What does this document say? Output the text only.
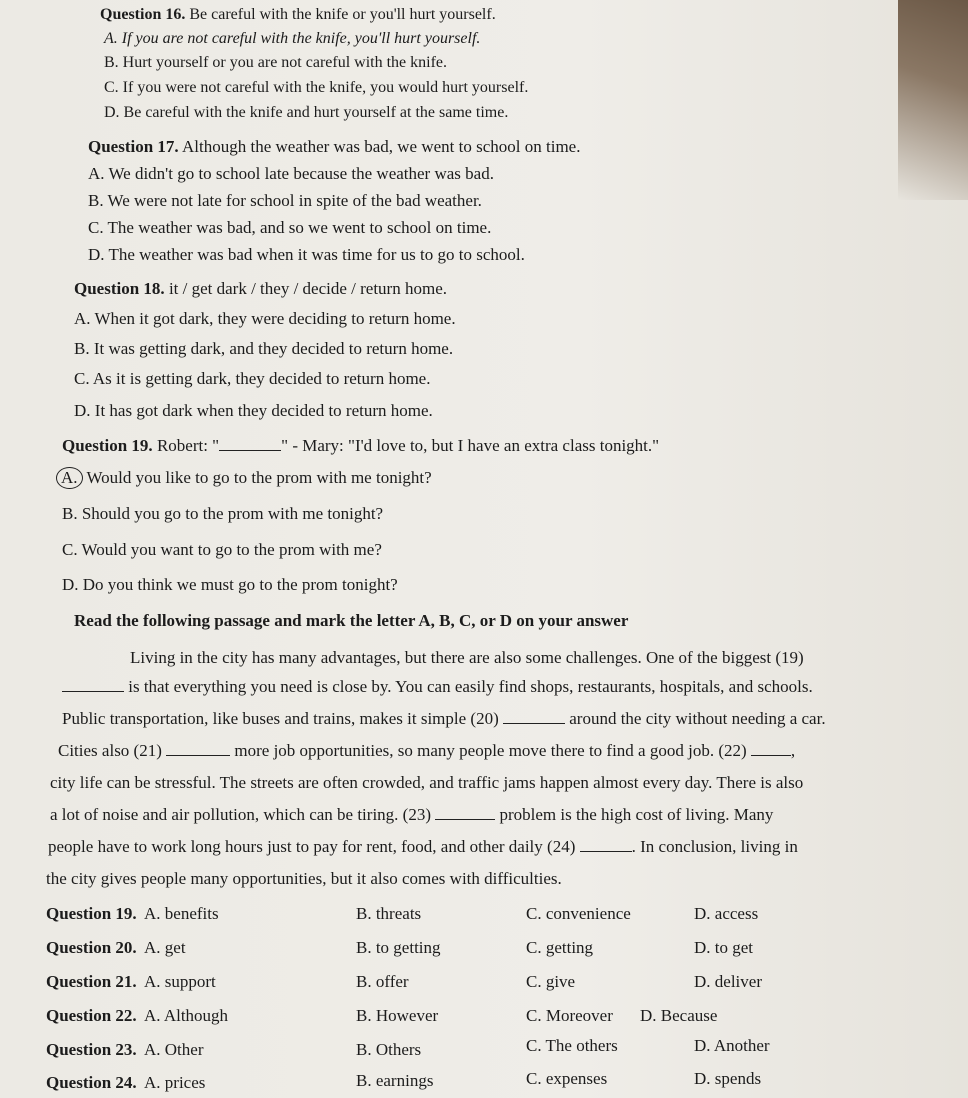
Question 16. Be careful with the knife or you'll hurt yourself.
A. If you are not careful with the knife, you'll hurt yourself.
B. Hurt yourself or you are not careful with the knife.
C. If you were not careful with the knife, you would hurt yourself.
D. Be careful with the knife and hurt yourself at the same time.
Question 17. Although the weather was bad, we went to school on time.
A. We didn't go to school late because the weather was bad.
B. We were not late for school in spite of the bad weather.
C. The weather was bad, and so we went to school on time.
D. The weather was bad when it was time for us to go to school.
Question 18. it / get dark / they / decide / return home.
A. When it got dark, they were deciding to return home.
B. It was getting dark, and they decided to return home.
C. As it is getting dark, they decided to return home.
D. It has got dark when they decided to return home.
Question 19. Robert: "	" - Mary: "I'd love to, but I have an extra class tonight."
A. Would you like to go to the prom with me tonight?
B. Should you go to the prom with me tonight?
C. Would you want to go to the prom with me?
D. Do you think we must go to the prom tonight?
Read the following passage and mark the letter A, B, C, or D on your answer
Living in the city has many advantages, but there are also some challenges. One of the biggest (19)
is that everything you need is close by. You can easily find shops, restaurants, hospitals, and schools.
Public transportation, like buses and trains, makes it simple (20)	around the city without needing a car.
Cities also (21)	more job opportunities, so many people move there to find a good job. (22) ,
city life can be stressful. The streets are often crowded, and traffic jams happen almost every day. There is also
a lot of noise and air pollution, which can be tiring. (23)	problem is the high cost of living. Many
people have to work long hours just to pay for rent, food, and other daily (24)	. In conclusion, living in
the city gives people many opportunities, but it also comes with difficulties.
Question 19. A. benefits	B. threats	C. convenience	D. access
Question 20. A. get	B. to getting	C. getting	D. to get
Question 21. A. support	B. offer	C. give	D. deliver
Question 22. A. Although	B. However	C. Moreover D. Because
Question 23. A. Other	B. Others	C. The others	D. Another
Question 24. A. prices	B. earnings	C. expenses	D. spends
